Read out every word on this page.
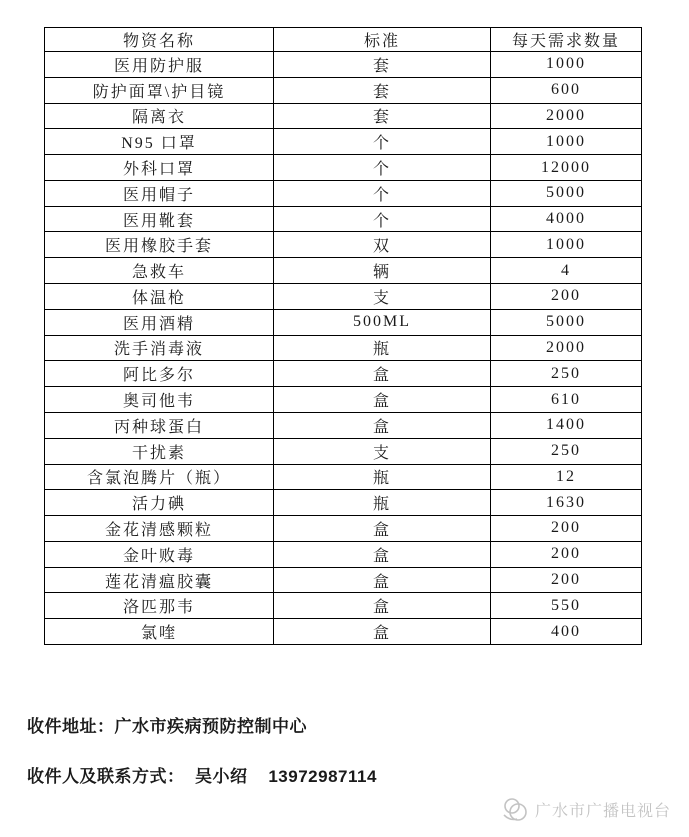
物资名称	标准	每天需求数量
医用防护服	套	1000
防护面罩\护目镜	套	600
隔离衣	套	2000
N95 口罩	个	1000
外科口罩	个	12000
医用帽子	个	5000
医用靴套	个	4000
医用橡胶手套	双	1000
急救车	辆	4
体温枪	支	200
医用酒精	500ML	5000
洗手消毒液	瓶	2000
阿比多尔	盒	250
奥司他韦	盒	610
丙种球蛋白	盒	1400
干扰素	支	250
含氯泡腾片（瓶）	瓶	12
活力碘	瓶	1630
金花清感颗粒	盒	200
金叶败毒	盒	200
莲花清瘟胶囊	盒	200
洛匹那韦	盒	550
氯喹	盒	400
收件地址：广水市疾病预防控制中心
收件人及联系方式：  吴小绍    13972987114
广水市广播电视台
